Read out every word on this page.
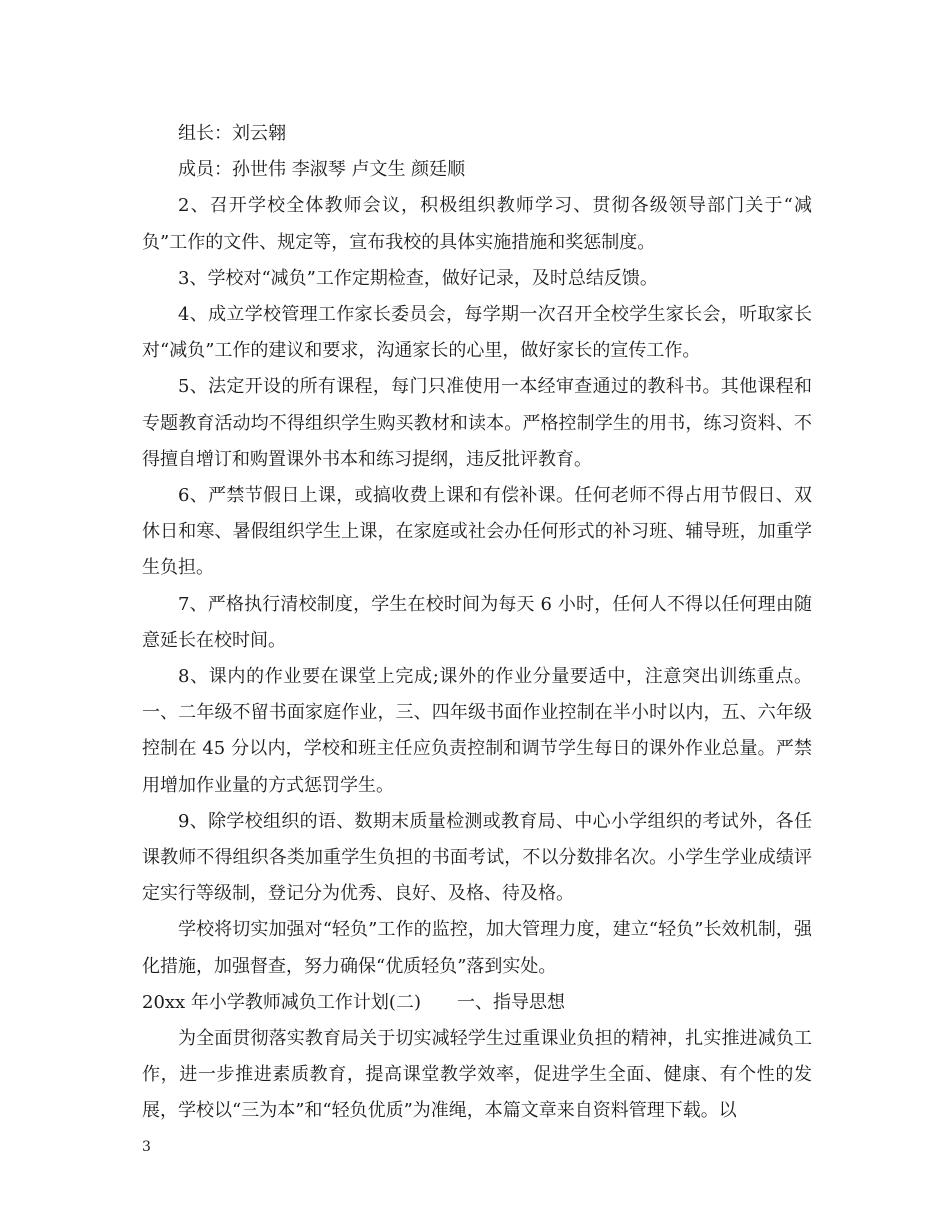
组长：刘云翱

成员：孙世伟 李淑琴 卢文生 颜廷顺

2、召开学校全体教师会议，积极组织教师学习、贯彻各级领导部门关于“减负”工作的文件、规定等，宣布我校的具体实施措施和奖惩制度。

3、学校对“减负”工作定期检查，做好记录，及时总结反馈。

4、成立学校管理工作家长委员会，每学期一次召开全校学生家长会，听取家长对“减负”工作的建议和要求，沟通家长的心里，做好家长的宣传工作。

5、法定开设的所有课程，每门只准使用一本经审查通过的教科书。其他课程和专题教育活动均不得组织学生购买教材和读本。严格控制学生的用书，练习资料、不得擅自增订和购置课外书本和练习提纲，违反批评教育。

6、严禁节假日上课，或搞收费上课和有偿补课。任何老师不得占用节假日、双休日和寒、暑假组织学生上课，在家庭或社会办任何形式的补习班、辅导班，加重学生负担。

7、严格执行清校制度，学生在校时间为每天 6 小时，任何人不得以任何理由随意延长在校时间。

8、课内的作业要在课堂上完成;课外的作业分量要适中，注意突出训练重点。一、二年级不留书面家庭作业，三、四年级书面作业控制在半小时以内，五、六年级控制在 45 分以内，学校和班主任应负责控制和调节学生每日的课外作业总量。严禁用增加作业量的方式惩罚学生。

9、除学校组织的语、数期末质量检测或教育局、中心小学组织的考试外，各任课教师不得组织各类加重学生负担的书面考试，不以分数排名次。小学生学业成绩评定实行等级制，登记分为优秀、良好、及格、待及格。

学校将切实加强对“轻负”工作的监控，加大管理力度，建立“轻负”长效机制，强化措施，加强督查，努力确保“优质轻负”落到实处。

20xx 年小学教师减负工作计划(二)　　一、指导思想

为全面贯彻落实教育局关于切实减轻学生过重课业负担的精神，扎实推进减负工作，进一步推进素质教育，提高课堂教学效率，促进学生全面、健康、有个性的发展，学校以“三为本”和“轻负优质”为准绳，本篇文章来自资料管理下载。以

3
